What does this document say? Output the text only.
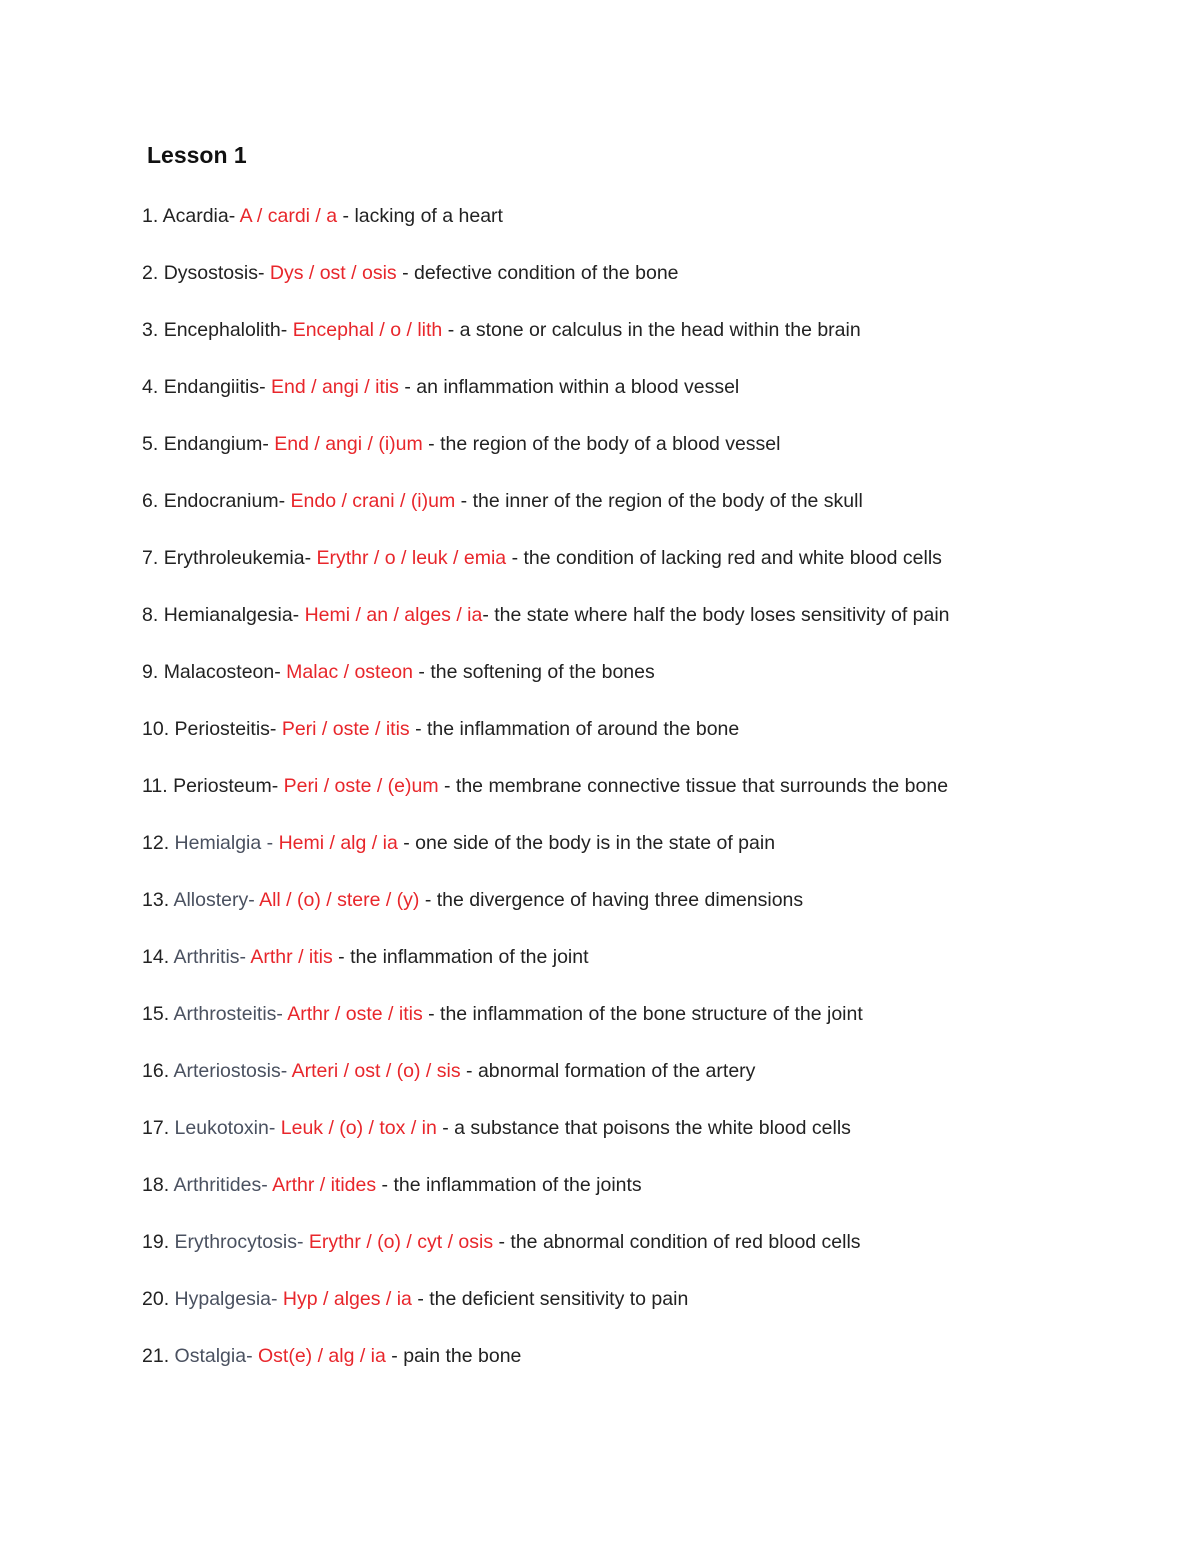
Lesson 1
1. Acardia- A / cardi / a - lacking of a heart
2. Dysostosis- Dys / ost / osis - defective condition of the bone
3. Encephalolith- Encephal / o / lith - a stone or calculus in the head within the brain
4. Endangiitis- End / angi / itis - an inflammation within a blood vessel
5. Endangium- End / angi / (i)um - the region of the body of a blood vessel
6. Endocranium- Endo / crani / (i)um - the inner of the region of the body of the skull
7. Erythroleukemia- Erythr / o / leuk / emia - the condition of lacking red and white blood cells
8. Hemianalgesia- Hemi / an / alges / ia- the state where half the body loses sensitivity of pain
9. Malacosteon- Malac / osteon - the softening of the bones
10. Periosteitis- Peri / oste / itis - the inflammation of around the bone
11. Periosteum- Peri / oste / (e)um - the membrane connective tissue that surrounds the bone
12. Hemialgia - Hemi / alg / ia - one side of the body is in the state of pain
13. Allostery- All / (o) / stere / (y) - the divergence of having three dimensions
14. Arthritis- Arthr / itis - the inflammation of the joint
15. Arthrosteitis- Arthr / oste / itis - the inflammation of the bone structure of the joint
16. Arteriostosis- Arteri / ost / (o) / sis - abnormal formation of the artery
17. Leukotoxin- Leuk / (o) / tox / in - a substance that poisons the white blood cells
18. Arthritides- Arthr / itides - the inflammation of the joints
19. Erythrocytosis- Erythr / (o) / cyt / osis - the abnormal condition of red blood cells
20. Hypalgesia- Hyp / alges / ia - the deficient sensitivity to pain
21. Ostalgia- Ost(e) / alg / ia - pain the bone
